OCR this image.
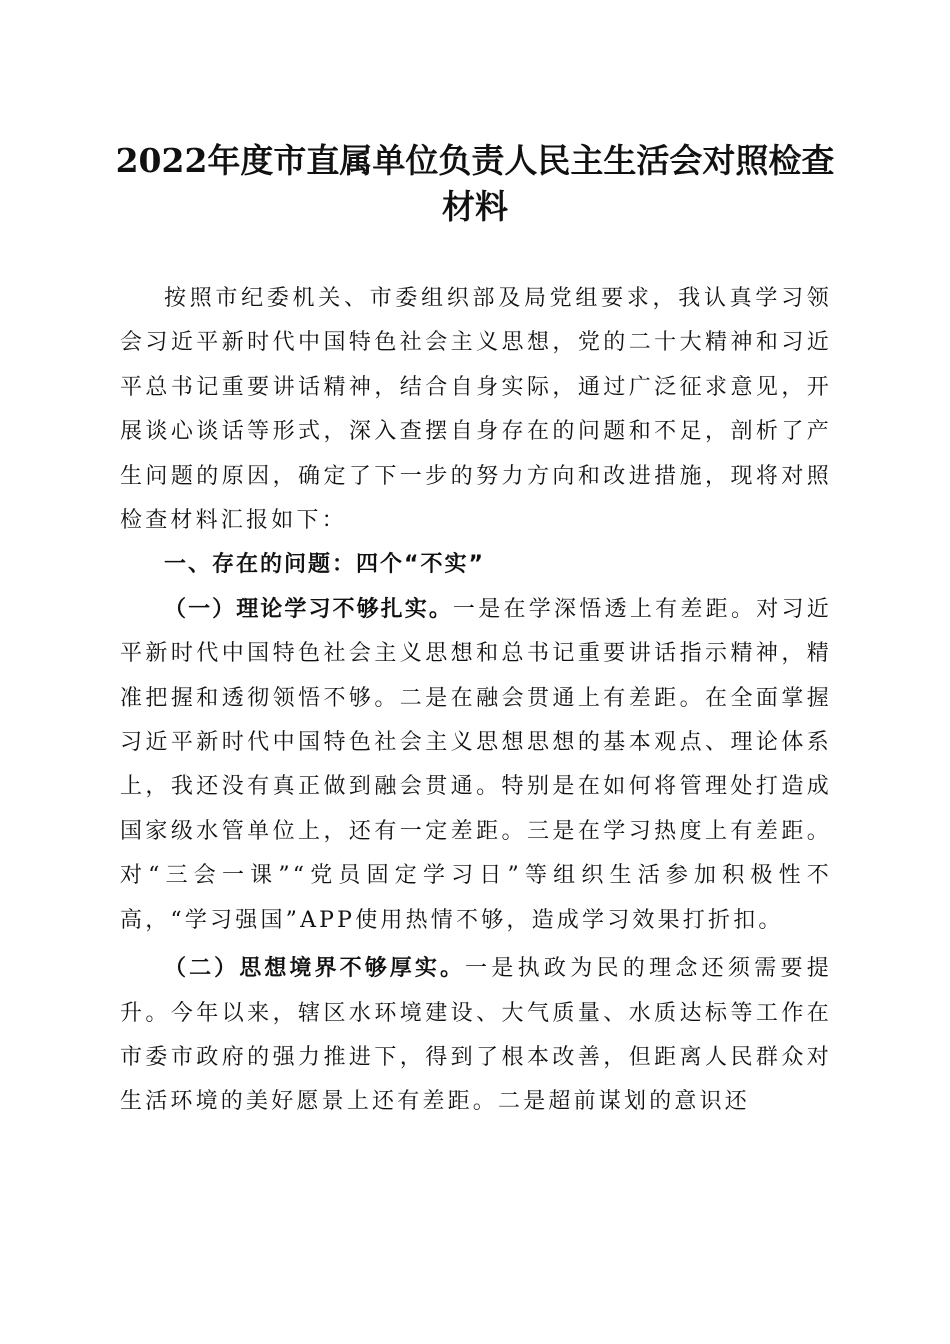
2022年度市直属单位负责人民主生活会对照检查材料

按照市纪委机关、市委组织部及局党组要求，我认真学习领会习近平新时代中国特色社会主义思想，党的二十大精神和习近平总书记重要讲话精神，结合自身实际，通过广泛征求意见，开展谈心谈话等形式，深入查摆自身存在的问题和不足，剖析了产生问题的原因，确定了下一步的努力方向和改进措施，现将对照检查材料汇报如下：

一、存在的问题：四个“不实”

（一）理论学习不够扎实。一是在学深悟透上有差距。对习近平新时代中国特色社会主义思想和总书记重要讲话指示精神，精准把握和透彻领悟不够。二是在融会贯通上有差距。在全面掌握习近平新时代中国特色社会主义思想思想的基本观点、理论体系上，我还没有真正做到融会贯通。特别是在如何将管理处打造成国家级水管单位上，还有一定差距。三是在学习热度上有差距。对“三会一课”“党员固定学习日”等组织生活参加积极性不高，“学习强国”APP使用热情不够，造成学习效果打折扣。

（二）思想境界不够厚实。一是执政为民的理念还须需要提升。今年以来，辖区水环境建设、大气质量、水质达标等工作在市委市政府的强力推进下，得到了根本改善，但距离人民群众对生活环境的美好愿景上还有差距。二是超前谋划的意识还
